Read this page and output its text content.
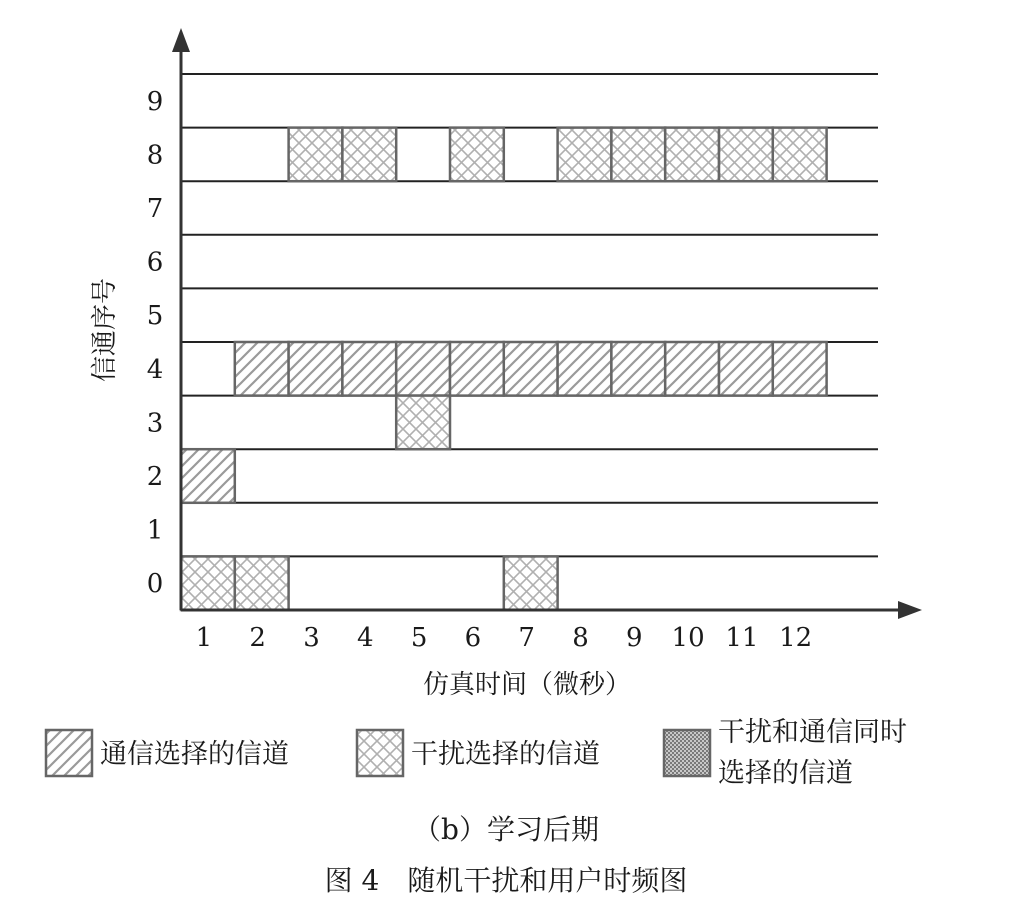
0
1
2
3
4
5
6
7
8
9
1 2 3 4 5 6 7 8 9 10 11 12
仿真时间（微秒）
信通序号
通信选择的信道	干扰选择的信道
干扰和通信同时
选择的信道
（b）学习后期
图 4　随机干扰和用户时频图
